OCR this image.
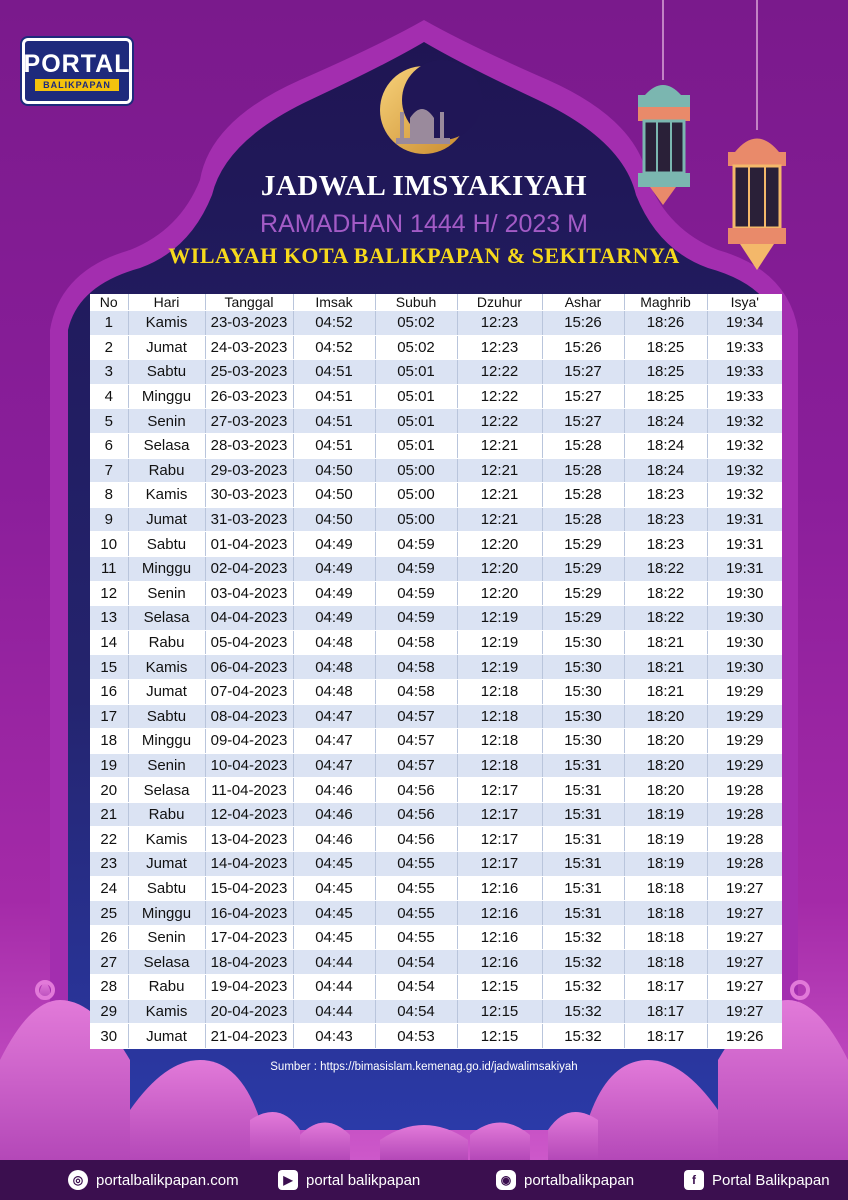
PORTAL
BALIKPAPAN
JADWAL IMSYAKIYAH
RAMADHAN 1444 H/ 2023 M
WILAYAH KOTA BALIKPAPAN & SEKITARNYA
No	Hari	Tanggal	Imsak	Subuh	Dzuhur	Ashar	Maghrib	Isya'
1	Kamis	23-03-2023	04:52	05:02	12:23	15:26	18:26	19:34
2	Jumat	24-03-2023	04:52	05:02	12:23	15:26	18:25	19:33
3	Sabtu	25-03-2023	04:51	05:01	12:22	15:27	18:25	19:33
4	Minggu	26-03-2023	04:51	05:01	12:22	15:27	18:25	19:33
5	Senin	27-03-2023	04:51	05:01	12:22	15:27	18:24	19:32
6	Selasa	28-03-2023	04:51	05:01	12:21	15:28	18:24	19:32
7	Rabu	29-03-2023	04:50	05:00	12:21	15:28	18:24	19:32
8	Kamis	30-03-2023	04:50	05:00	12:21	15:28	18:23	19:32
9	Jumat	31-03-2023	04:50	05:00	12:21	15:28	18:23	19:31
10	Sabtu	01-04-2023	04:49	04:59	12:20	15:29	18:23	19:31
11	Minggu	02-04-2023	04:49	04:59	12:20	15:29	18:22	19:31
12	Senin	03-04-2023	04:49	04:59	12:20	15:29	18:22	19:30
13	Selasa	04-04-2023	04:49	04:59	12:19	15:29	18:22	19:30
14	Rabu	05-04-2023	04:48	04:58	12:19	15:30	18:21	19:30
15	Kamis	06-04-2023	04:48	04:58	12:19	15:30	18:21	19:30
16	Jumat	07-04-2023	04:48	04:58	12:18	15:30	18:21	19:29
17	Sabtu	08-04-2023	04:47	04:57	12:18	15:30	18:20	19:29
18	Minggu	09-04-2023	04:47	04:57	12:18	15:30	18:20	19:29
19	Senin	10-04-2023	04:47	04:57	12:18	15:31	18:20	19:29
20	Selasa	11-04-2023	04:46	04:56	12:17	15:31	18:20	19:28
21	Rabu	12-04-2023	04:46	04:56	12:17	15:31	18:19	19:28
22	Kamis	13-04-2023	04:46	04:56	12:17	15:31	18:19	19:28
23	Jumat	14-04-2023	04:45	04:55	12:17	15:31	18:19	19:28
24	Sabtu	15-04-2023	04:45	04:55	12:16	15:31	18:18	19:27
25	Minggu	16-04-2023	04:45	04:55	12:16	15:31	18:18	19:27
26	Senin	17-04-2023	04:45	04:55	12:16	15:32	18:18	19:27
27	Selasa	18-04-2023	04:44	04:54	12:16	15:32	18:18	19:27
28	Rabu	19-04-2023	04:44	04:54	12:15	15:32	18:17	19:27
29	Kamis	20-04-2023	04:44	04:54	12:15	15:32	18:17	19:27
30	Jumat	21-04-2023	04:43	04:53	12:15	15:32	18:17	19:26
Sumber : https://bimasislam.kemenag.go.id/jadwalimsakiyah
◎ portalbalikpapan.com	▶ portal balikpapan	◉ portalbalikpapan	f	Portal Balikpapan
